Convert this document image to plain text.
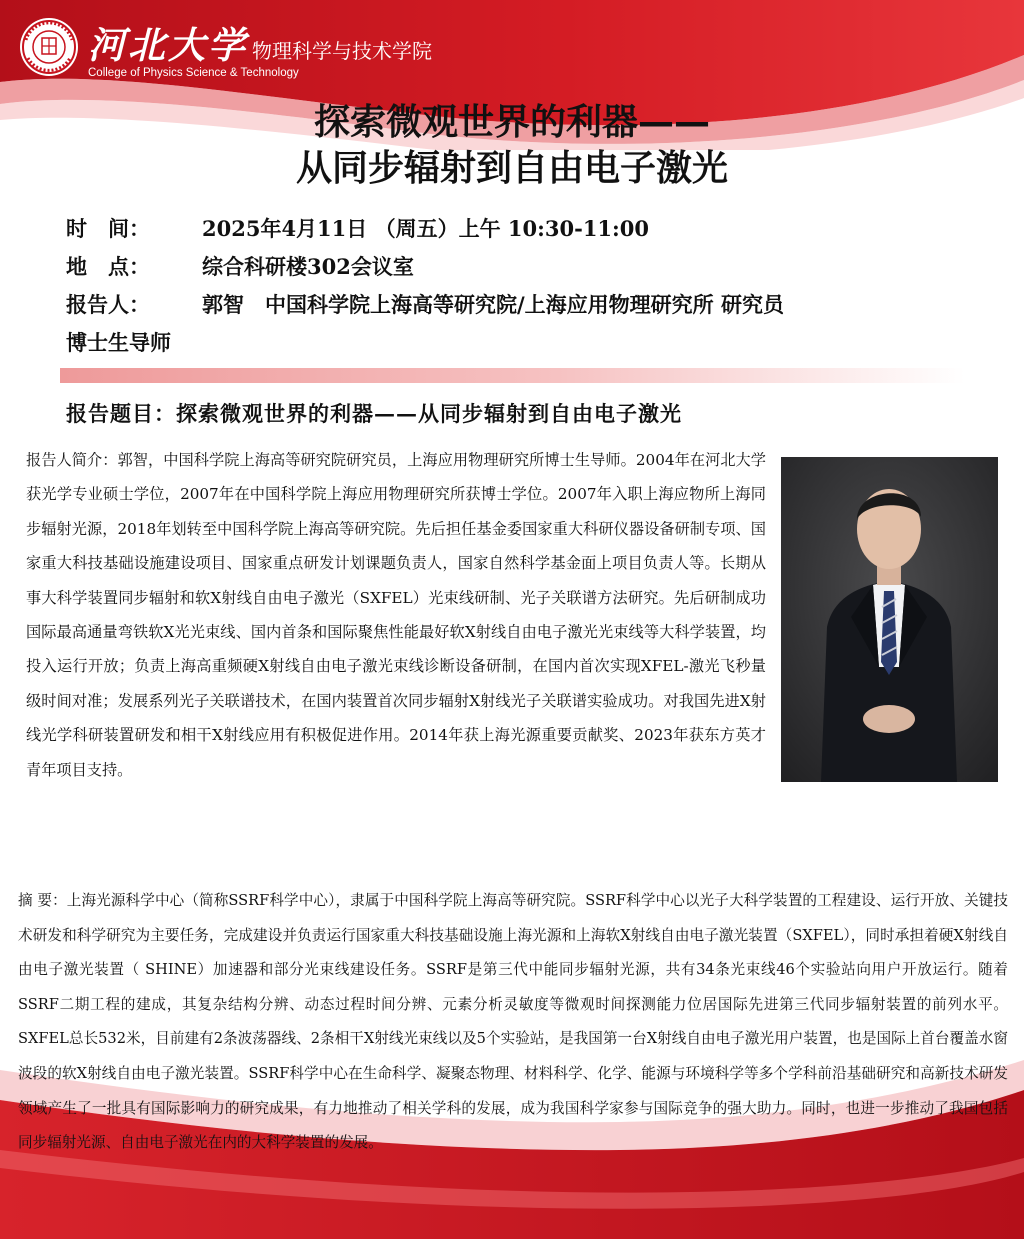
河北大学 物理科学与技术学院
College of Physics Science & Technology
探索微观世界的利器——
从同步辐射到自由电子激光
时　间：	2025年4月11日 （周五）上午 10:30-11:00
地　点：	综合科研楼302会议室
报告人：	郭智　中国科学院上海高等研究院/上海应用物理研究所 研究员
博士生导师
报告题目：探索微观世界的利器——从同步辐射到自由电子激光
报告人简介：郭智，中国科学院上海高等研究院研究员，上海应用物理研究所博士生导师。2004年在河北大学获光学专业硕士学位，2007年在中国科学院上海应用物理研究所获博士学位。2007年入职上海应物所上海同步辐射光源，2018年划转至中国科学院上海高等研究院。先后担任基金委国家重大科研仪器设备研制专项、国家重大科技基础设施建设项目、国家重点研发计划课题负责人，国家自然科学基金面上项目负责人等。长期从事大科学装置同步辐射和软X射线自由电子激光（SXFEL）光束线研制、光子关联谱方法研究。先后研制成功国际最高通量弯铁软X光光束线、国内首条和国际聚焦性能最好软X射线自由电子激光光束线等大科学装置，均投入运行开放；负责上海高重频硬X射线自由电子激光束线诊断设备研制，在国内首次实现XFEL-激光飞秒量级时间对准；发展系列光子关联谱技术，在国内装置首次同步辐射X射线光子关联谱实验成功。对我国先进X射线光学科研装置研发和相干X射线应用有积极促进作用。2014年获上海光源重要贡献奖、2023年获东方英才青年项目支持。
摘 要：上海光源科学中心（简称SSRF科学中心），隶属于中国科学院上海高等研究院。SSRF科学中心以光子大科学装置的工程建设、运行开放、关键技术研发和科学研究为主要任务，完成建设并负责运行国家重大科技基础设施上海光源和上海软X射线自由电子激光装置（SXFEL），同时承担着硬X射线自由电子激光装置（ SHINE）加速器和部分光束线建设任务。SSRF是第三代中能同步辐射光源，共有34条光束线46个实验站向用户开放运行。随着SSRF二期工程的建成，其复杂结构分辨、动态过程时间分辨、元素分析灵敏度等微观时间探测能力位居国际先进第三代同步辐射装置的前列水平。 SXFEL总长532米，目前建有2条波荡器线、2条相干X射线光束线以及5个实验站，是我国第一台X射线自由电子激光用户装置，也是国际上首台覆盖水窗波段的软X射线自由电子激光装置。SSRF科学中心在生命科学、凝聚态物理、材料科学、化学、能源与环境科学等多个学科前沿基础研究和高新技术研发领域产生了一批具有国际影响力的研究成果，有力地推动了相关学科的发展，成为我国科学家参与国际竞争的强大助力。同时，也进一步推动了我国包括同步辐射光源、自由电子激光在内的大科学装置的发展。
